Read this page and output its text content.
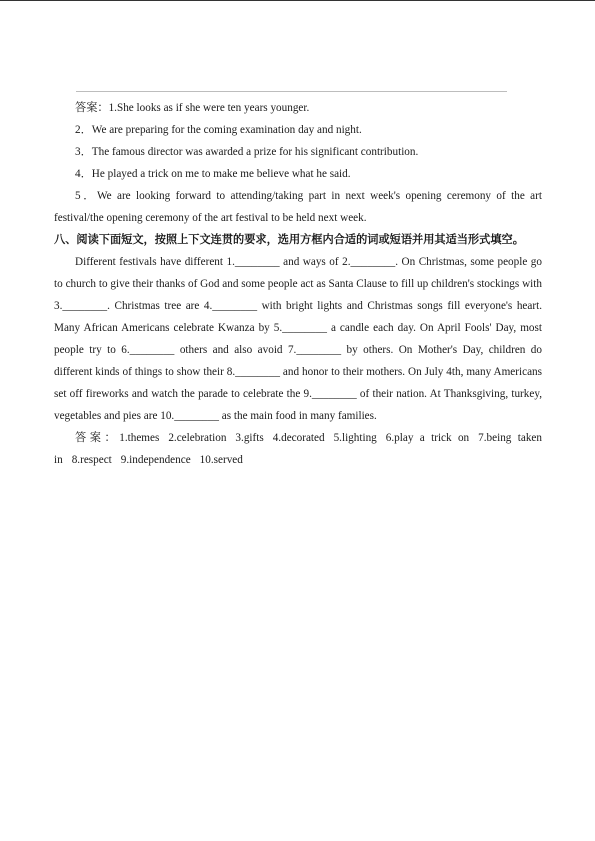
答案：1.She looks as if she were ten years younger.

2．We are preparing for the coming examination day and night.

3．The famous director was awarded a prize for his significant contribution.

4．He played a trick on me to make me believe what he said.

5．We are looking forward to attending/taking part in next week's opening ceremony of the art festival/the opening ceremony of the art festival to be held next week.

八、阅读下面短文，按照上下文连贯的要求，选用方框内合适的词或短语并用其适当形式填空。

Different festivals have different 1.________ and ways of 2.________. On Christmas, some people go to church to give their thanks of God and some people act as Santa Clause to fill up children's stockings with 3.________. Christmas tree are 4.________ with bright lights and Christmas songs fill everyone's heart. Many African Americans celebrate Kwanza by 5.________ a candle each day. On April Fools' Day, most people try to 6.________ others and also avoid 7.________ by others. On Mother's Day, children do different kinds of things to show their 8.________ and honor to their mothers. On July 4th, many Americans set off fireworks and watch the parade to celebrate the 9.________ of their nation. At Thanksgiving, turkey, vegetables and pies are 10.________ as the main food in many families.

答案：1.themes 2.celebration 3.gifts 4.decorated 5.lighting 6.play a trick on 7.being taken in 8.respect 9.independence 10.served
